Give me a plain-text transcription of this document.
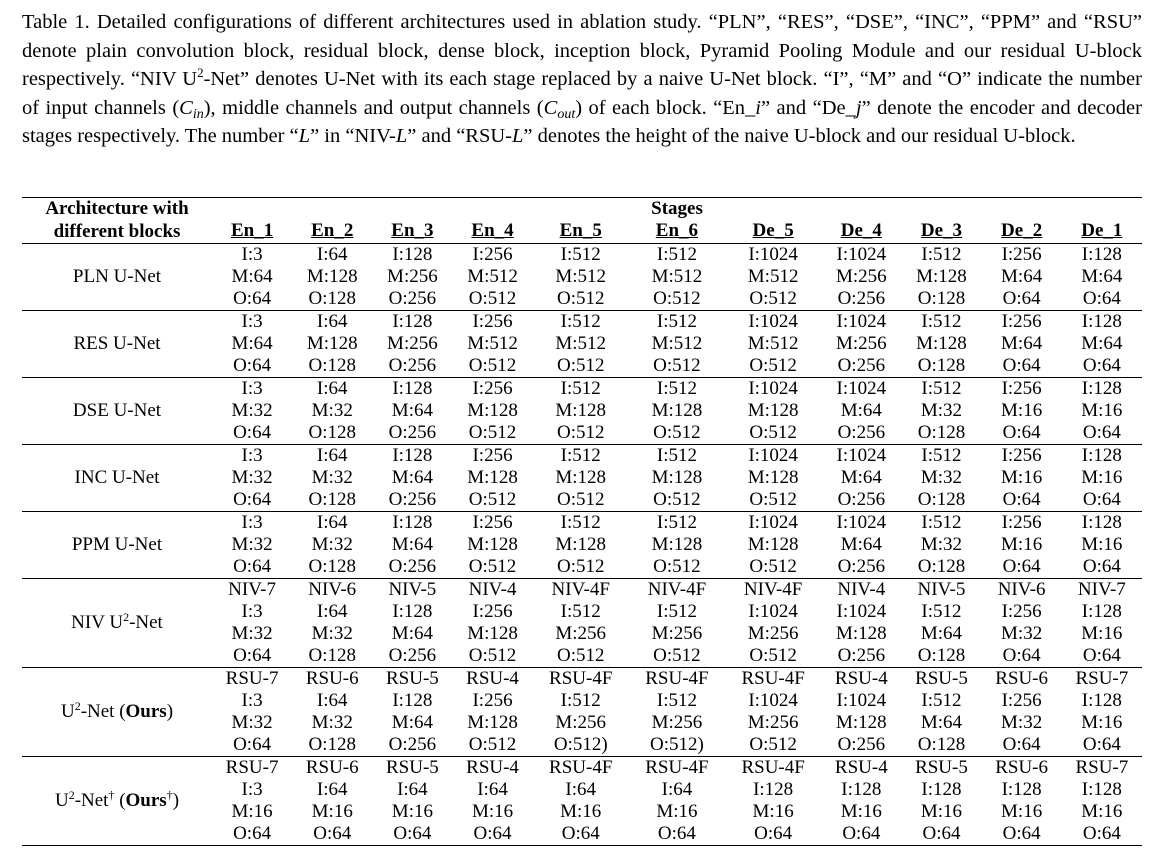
Table 1. Detailed configurations of different architectures used in ablation study. “PLN”, “RES”, “DSE”, “INC”, “PPM” and “RSU” denote plain convolution block, residual block, dense block, inception block, Pyramid Pooling Module and our residual U-block respectively. “NIV $U^2$-Net” denotes U-Net with its each stage replaced by a naive U-Net block. “I”, “M” and “O” indicate the number of input channels $(C_{in})$, middle channels and output channels $(C_{out})$ of each block. “En_i” and “De_j” denote the encoder and decoder stages respectively. The number “L” in “NIV-L” and “RSU-L” denotes the height of the naive U-block and our residual U-block.
Architecture with	Stages										
different blocks	En_1	En_2	En_3	En_4	En_5	En_6	De_5	De_4	De_3	De_2	De_1
PLN U-Net	I:3	I:64	I:128	I:256	I:512	I:512	I:1024	I:1024	I:512	I:256	I:128
	M:64	M:128	M:256	M:512	M:512	M:512	M:512	M:256	M:128	M:64	M:64
	O:64	O:128	O:256	O:512	O:512	O:512	O:512	O:256	O:128	O:64	O:64
RES U-Net	I:3	I:64	I:128	I:256	I:512	I:512	I:1024	I:1024	I:512	I:256	I:128
	M:64	M:128	M:256	M:512	M:512	M:512	M:512	M:256	M:128	M:64	M:64
	O:64	O:128	O:256	O:512	O:512	O:512	O:512	O:256	O:128	O:64	O:64
DSE U-Net	I:3	I:64	I:128	I:256	I:512	I:512	I:1024	I:1024	I:512	I:256	I:128
	M:32	M:32	M:64	M:128	M:128	M:128	M:128	M:64	M:32	M:16	M:16
	O:64	O:128	O:256	O:512	O:512	O:512	O:512	O:256	O:128	O:64	O:64
INC U-Net	I:3	I:64	I:128	I:256	I:512	I:512	I:1024	I:1024	I:512	I:256	I:128
	M:32	M:32	M:64	M:128	M:128	M:128	M:128	M:64	M:32	M:16	M:16
	O:64	O:128	O:256	O:512	O:512	O:512	O:512	O:256	O:128	O:64	O:64
PPM U-Net	I:3	I:64	I:128	I:256	I:512	I:512	I:1024	I:1024	I:512	I:256	I:128
	M:32	M:32	M:64	M:128	M:128	M:128	M:128	M:64	M:32	M:16	M:16
	O:64	O:128	O:256	O:512	O:512	O:512	O:512	O:256	O:128	O:64	O:64
NIV $U^2$-Net	NIV-7	NIV-6	NIV-5	NIV-4	NIV-4F	NIV-4F	NIV-4F	NIV-4	NIV-5	NIV-6	NIV-7
	I:3	I:64	I:128	I:256	I:512	I:512	I:1024	I:1024	I:512	I:256	I:128
	M:32	M:32	M:64	M:128	M:256	M:256	M:256	M:128	M:64	M:32	M:16
	O:64	O:128	O:256	O:512	O:512	O:512	O:512	O:256	O:128	O:64	O:64
$U^2$-Net (Ours)	RSU-7	RSU-6	RSU-5	RSU-4	RSU-4F	RSU-4F	RSU-4F	RSU-4	RSU-5	RSU-6	RSU-7
	I:3	I:64	I:128	I:256	I:512	I:512	I:1024	I:1024	I:512	I:256	I:128
	M:32	M:32	M:64	M:128	M:256	M:256	M:256	M:128	M:64	M:32	M:16
	O:64	O:128	O:256	O:512	O:512)	O:512)	O:512	O:256	O:128	O:64	O:64
$U^2-Net^\dagger$ (Ours†)	RSU-7	RSU-6	RSU-5	RSU-4	RSU-4F	RSU-4F	RSU-4F	RSU-4	RSU-5	RSU-6	RSU-7
	I:3	I:64	I:64	I:64	I:64	I:64	I:128	I:128	I:128	I:128	I:128
	M:16	M:16	M:16	M:16	M:16	M:16	M:16	M:16	M:16	M:16	M:16
	O:64	O:64	O:64	O:64	O:64	O:64	O:64	O:64	O:64	O:64	O:64
